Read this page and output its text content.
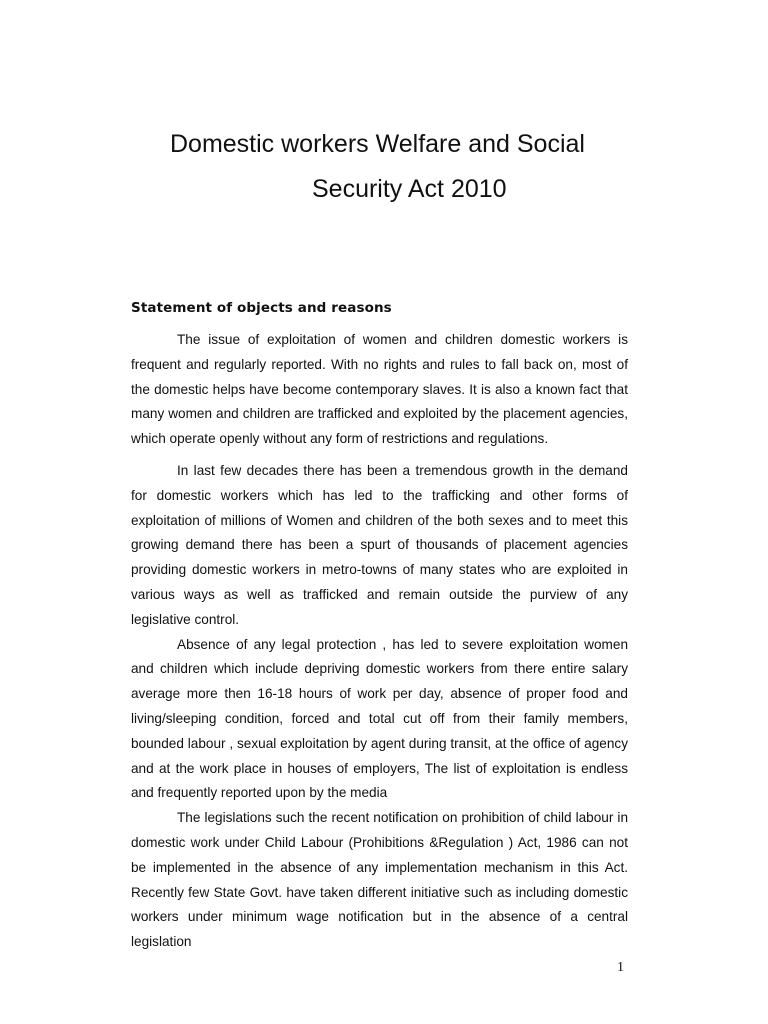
Domestic workers Welfare and Social
Security Act 2010
Statement of objects and reasons

The issue of exploitation of women and children domestic workers is frequent and regularly reported. With no rights and rules to fall back on, most of the domestic helps have become contemporary slaves. It is also a known fact that many women and children are trafficked and exploited by the placement agencies, which operate openly without any form of restrictions and regulations.

In last few decades there has been a tremendous growth in the demand for domestic workers which has led to the trafficking and other forms of exploitation of millions of Women and children of the both sexes and to meet this growing demand there has been a spurt of thousands of placement agencies providing domestic workers in metro-towns of many states who are exploited in various ways as well as trafficked and remain outside the purview of any legislative control.

Absence of any legal protection , has led to severe exploitation women and children which include depriving domestic workers from there entire salary average more then 16-18 hours of work per day, absence of proper food and living/sleeping condition, forced and total cut off from their family members, bounded labour , sexual exploitation by agent during transit, at the office of agency and at the work place in houses of employers, The list of exploitation is endless and frequently reported upon by the media

The legislations such the recent notification on prohibition of child labour in domestic work under Child Labour (Prohibitions &Regulation ) Act, 1986 can not be implemented in the absence of any implementation mechanism in this Act. Recently few State Govt. have taken different initiative such as including domestic workers under minimum wage notification but in the absence of a central legislation

1
